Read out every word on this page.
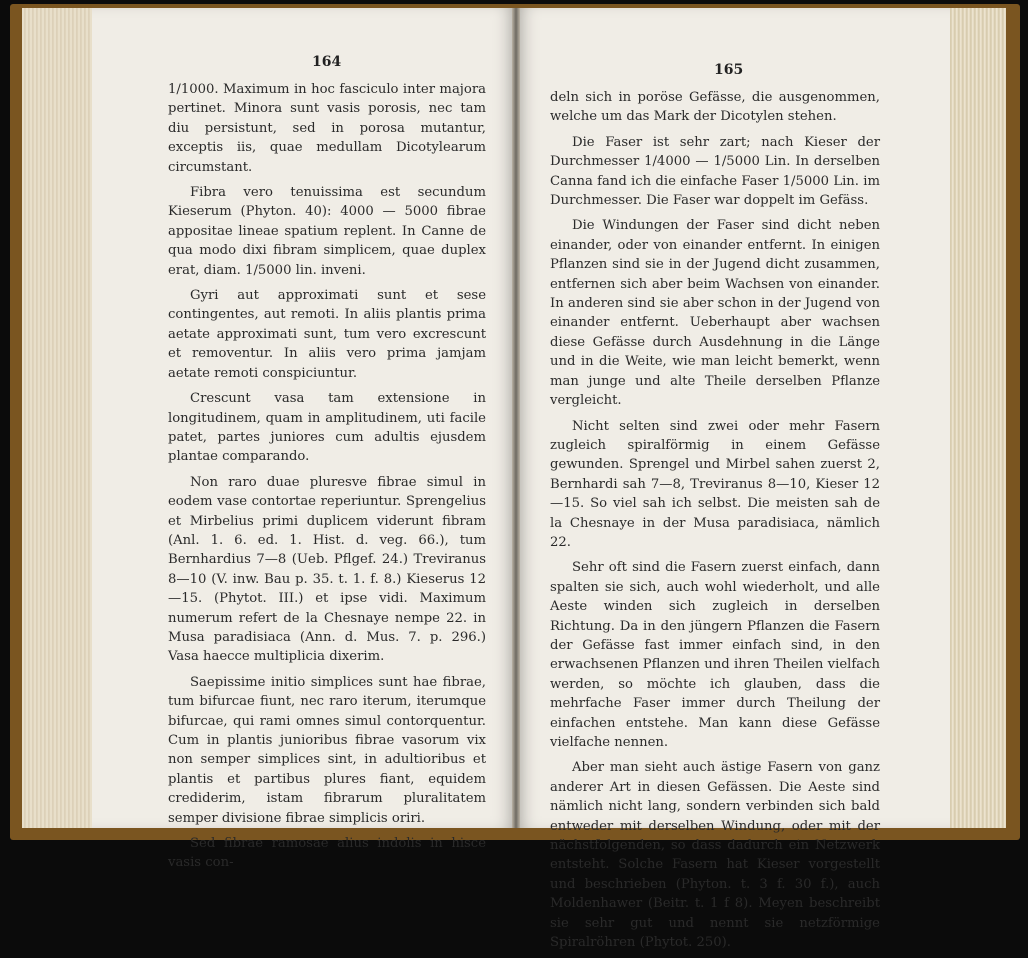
164

1/1000. Maximum in hoc fasciculo inter majora pertinet. Minora sunt vasis porosis, nec tam diu persistunt, sed in porosa mutantur, exceptis iis, quae medullam Dicotylearum circumstant.

Fibra vero tenuissima est secundum Kieserum (Phyton. 40): 4000 — 5000 fibrae appositae lineae spatium replent. In Canne de qua modo dixi fibram simplicem, quae duplex erat, diam. 1/5000 lin. inveni.

Gyri aut approximati sunt et sese contingentes, aut remoti. In aliis plantis prima aetate approximati sunt, tum vero excrescunt et removentur. In aliis vero prima jamjam aetate remoti conspiciuntur.

Crescunt vasa tam extensione in longitudinem, quam in amplitudinem, uti facile patet, partes juniores cum adultis ejusdem plantae comparando.

Non raro duae pluresve fibrae simul in eodem vase contortae reperiuntur. Sprengelius et Mirbelius primi duplicem viderunt fibram (Anl. 1. 6. ed. 1. Hist. d. veg. 66.), tum Bernhardius 7—8 (Ueb. Pflgef. 24.) Treviranus 8—10 (V. inw. Bau p. 35. t. 1. f. 8.) Kieserus 12—15. (Phytot. III.) et ipse vidi. Maximum numerum refert de la Chesnaye nempe 22. in Musa paradisiaca (Ann. d. Mus. 7. p. 296.) Vasa haecce multiplicia dixerim.

Saepissime initio simplices sunt hae fibrae, tum bifurcae fiunt, nec raro iterum, iterumque bifurcae, qui rami omnes simul contorquentur. Cum in plantis junioribus fibrae vasorum vix non semper simplices sint, in adultioribus et plantis et partibus plures fiant, equidem crediderim, istam fibrarum pluralitatem semper divisione fibrae simplicis oriri.

Sed fibrae ramosae alius indolis in hisce vasis con-

165

deln sich in poröse Gefässe, die ausgenommen, welche um das Mark der Dicotylen stehen.

Die Faser ist sehr zart; nach Kieser der Durchmesser 1/4000 — 1/5000 Lin. In derselben Canna fand ich die einfache Faser 1/5000 Lin. im Durchmesser. Die Faser war doppelt im Gefäss.

Die Windungen der Faser sind dicht neben einander, oder von einander entfernt. In einigen Pflanzen sind sie in der Jugend dicht zusammen, entfernen sich aber beim Wachsen von einander. In anderen sind sie aber schon in der Jugend von einander entfernt. Ueberhaupt aber wachsen diese Gefässe durch Ausdehnung in die Länge und in die Weite, wie man leicht bemerkt, wenn man junge und alte Theile derselben Pflanze vergleicht.

Nicht selten sind zwei oder mehr Fasern zugleich spiralförmig in einem Gefässe gewunden. Sprengel und Mirbel sahen zuerst 2, Bernhardi sah 7—8, Treviranus 8—10, Kieser 12—15. So viel sah ich selbst. Die meisten sah de la Chesnaye in der Musa paradisiaca, nämlich 22.

Sehr oft sind die Fasern zuerst einfach, dann spalten sie sich, auch wohl wiederholt, und alle Aeste winden sich zugleich in derselben Richtung. Da in den jüngern Pflanzen die Fasern der Gefässe fast immer einfach sind, in den erwachsenen Pflanzen und ihren Theilen vielfach werden, so möchte ich glauben, dass die mehrfache Faser immer durch Theilung der einfachen entstehe. Man kann diese Gefässe vielfache nennen.

Aber man sieht auch ästige Fasern von ganz anderer Art in diesen Gefässen. Die Aeste sind nämlich nicht lang, sondern verbinden sich bald entweder mit derselben Windung, oder mit der nächstfolgenden, so dass dadurch ein Netzwerk entsteht. Solche Fasern hat Kieser vorgestellt und beschrieben (Phyton. t. 3 f. 30 f.), auch Moldenhawer (Beitr. t. 1 f 8). Meyen beschreibt sie sehr gut und nennt sie netzförmige Spiralröhren (Phytot. 250).
